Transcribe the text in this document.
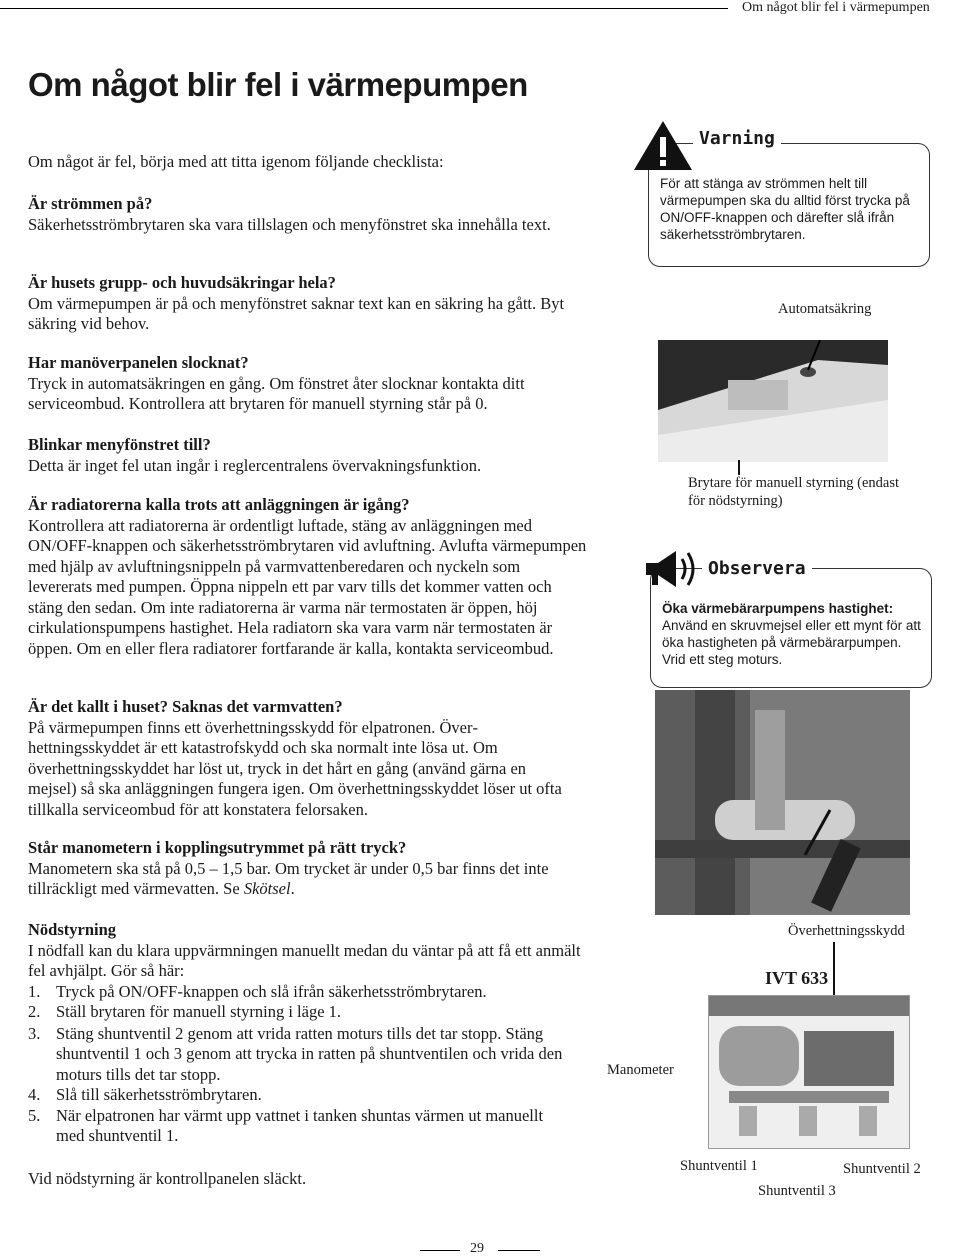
Om något blir fel i värmepumpen
Om något blir fel i värmepumpen

Om något är fel, börja med att titta igenom följande checklista:

Är strömmen på?

Säkerhetsströmbrytaren ska vara tillslagen och menyfönstret ska innehålla text.

Är husets grupp- och huvudsäkringar hela?

Om värmepumpen är på och menyfönstret saknar text kan en säkring ha gått. Byt säkring vid behov.

Har manöverpanelen slocknat?

Tryck in automatsäkringen en gång. Om fönstret åter slocknar kontakta ditt serviceombud. Kontrollera att brytaren för manuell styrning står på 0.

Blinkar menyfönstret till?

Detta är inget fel utan ingår i reglercentralens övervakningsfunktion.

Är radiatorerna kalla trots att anläggningen är igång?

Kontrollera att radiatorerna är ordentligt luftade, stäng av anläggningen med ON/OFF-knappen och säkerhetsströmbrytaren vid avluftning. Avlufta värmepumpen med hjälp av avluftningsnippeln på varmvattenberedaren och nyckeln som levererats med pumpen. Öppna nippeln ett par varv tills det kommer vatten och stäng den sedan. Om inte radiatorerna är varma när termostaten är öppen, höj cirkulationspumpens hastighet. Hela radiatorn ska vara varm när termostaten är öppen. Om en eller flera radiatorer fortfarande är kalla, kontakta serviceombud.

Är det kallt i huset? Saknas det varmvatten?

På värmepumpen finns ett överhettningsskydd för elpatronen. Överhettningsskyddet är ett katastrofskydd och ska normalt inte lösa ut. Om överhettningsskyddet har löst ut, tryck in det hårt en gång (använd gärna en mejsel) så ska anläggningen fungera igen. Om överhettningsskyddet löser ut ofta tillkalla serviceombud för att konstatera felorsaken.

Står manometern i kopplingsutrymmet på rätt tryck?

Manometern ska stå på 0,5 – 1,5 bar. Om trycket är under 0,5 bar finns det inte tillräckligt med värmevatten. Se Skötsel.

Nödstyrning

I nödfall kan du klara uppvärmningen manuellt medan du väntar på att få ett anmält fel avhjälpt. Gör så här:

1. Tryck på ON/OFF-knappen och slå ifrån säkerhetsströmbrytaren.
2. Ställ brytaren för manuell styrning i läge 1.
3. Stäng shuntventil 2 genom att vrida ratten moturs tills det tar stopp. Stäng shuntventil 1 och 3 genom att trycka in ratten på shuntventilen och vrida den moturs tills det tar stopp.
4. Slå till säkerhetsströmbrytaren.
5. När elpatronen har värmt upp vattnet i tanken shuntas värmen ut manuellt med shuntventil 1.

Vid nödstyrning är kontrollpanelen släckt.

Varning
För att stänga av strömmen helt till värmepumpen ska du alltid först trycka på ON/OFF-knappen och därefter slå ifrån säkerhetsströmbrytaren.
Automatsäkring
Brytare för manuell styrning (endast för nödstyrning)
Observera
Öka värmebärarpumpens hastighet:
Använd en skruvmejsel eller ett mynt för att öka hastigheten på värmebärarpumpen. Vrid ett steg moturs.
Överhettningsskydd
IVT 633
Manometer
Shuntventil 1	Shuntventil 2
Shuntventil 3
29
